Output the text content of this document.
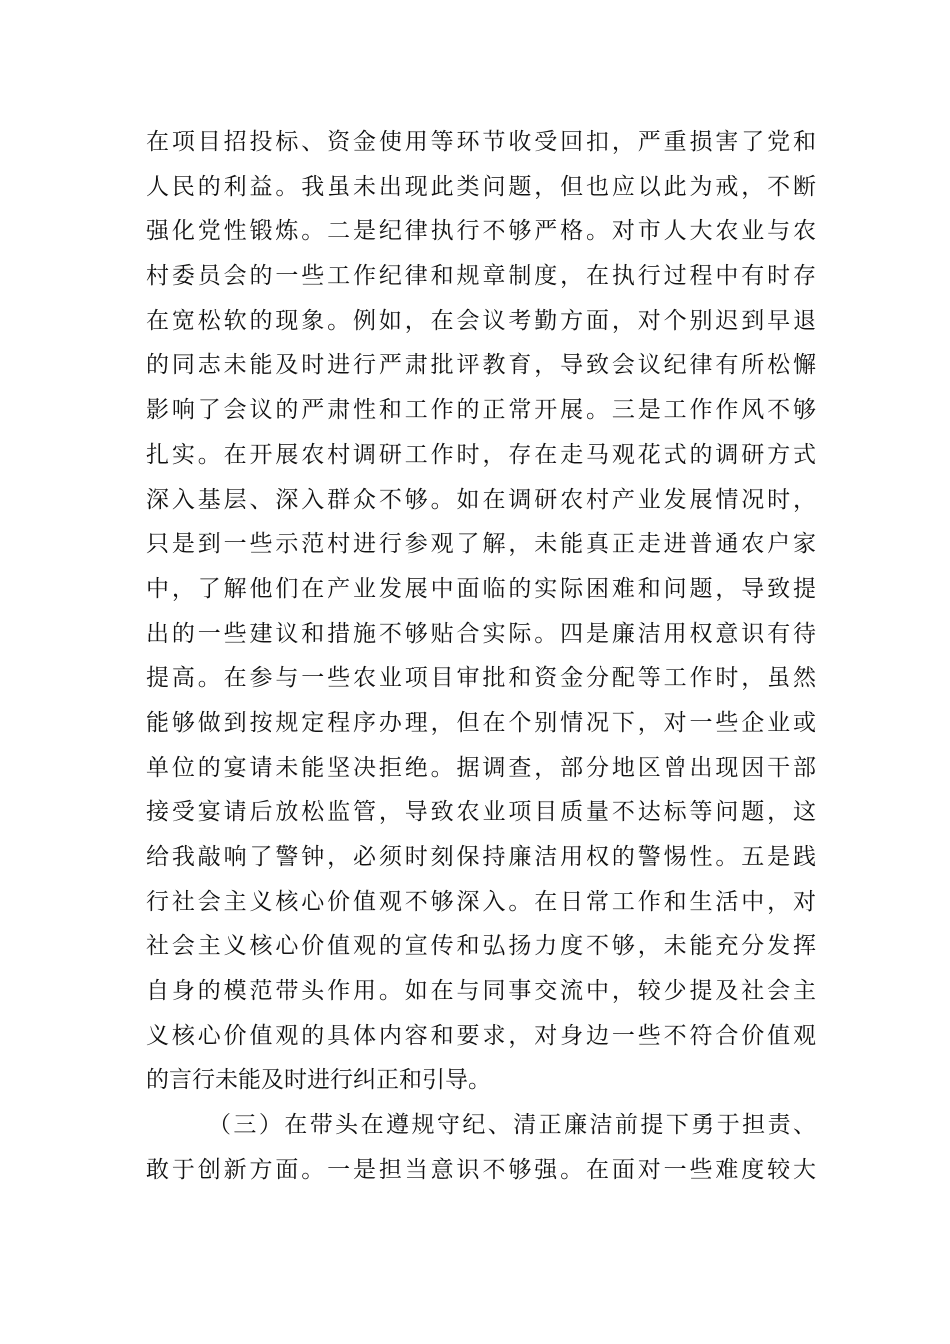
在项目招投标、资金使用等环节收受回扣，严重损害了党和
人民的利益。我虽未出现此类问题，但也应以此为戒，不断
强化党性锻炼。二是纪律执行不够严格。对市人大农业与农
村委员会的一些工作纪律和规章制度，在执行过程中有时存
在宽松软的现象。例如，在会议考勤方面，对个别迟到早退
的同志未能及时进行严肃批评教育，导致会议纪律有所松懈
影响了会议的严肃性和工作的正常开展。三是工作作风不够
扎实。在开展农村调研工作时，存在走马观花式的调研方式
深入基层、深入群众不够。如在调研农村产业发展情况时，
只是到一些示范村进行参观了解，未能真正走进普通农户家
中，了解他们在产业发展中面临的实际困难和问题，导致提
出的一些建议和措施不够贴合实际。四是廉洁用权意识有待
提高。在参与一些农业项目审批和资金分配等工作时，虽然
能够做到按规定程序办理，但在个别情况下，对一些企业或
单位的宴请未能坚决拒绝。据调查，部分地区曾出现因干部
接受宴请后放松监管，导致农业项目质量不达标等问题，这
给我敲响了警钟，必须时刻保持廉洁用权的警惕性。五是践
行社会主义核心价值观不够深入。在日常工作和生活中，对
社会主义核心价值观的宣传和弘扬力度不够，未能充分发挥
自身的模范带头作用。如在与同事交流中，较少提及社会主
义核心价值观的具体内容和要求，对身边一些不符合价值观
的言行未能及时进行纠正和引导。
（三）在带头在遵规守纪、清正廉洁前提下勇于担责、
敢于创新方面。一是担当意识不够强。在面对一些难度较大
